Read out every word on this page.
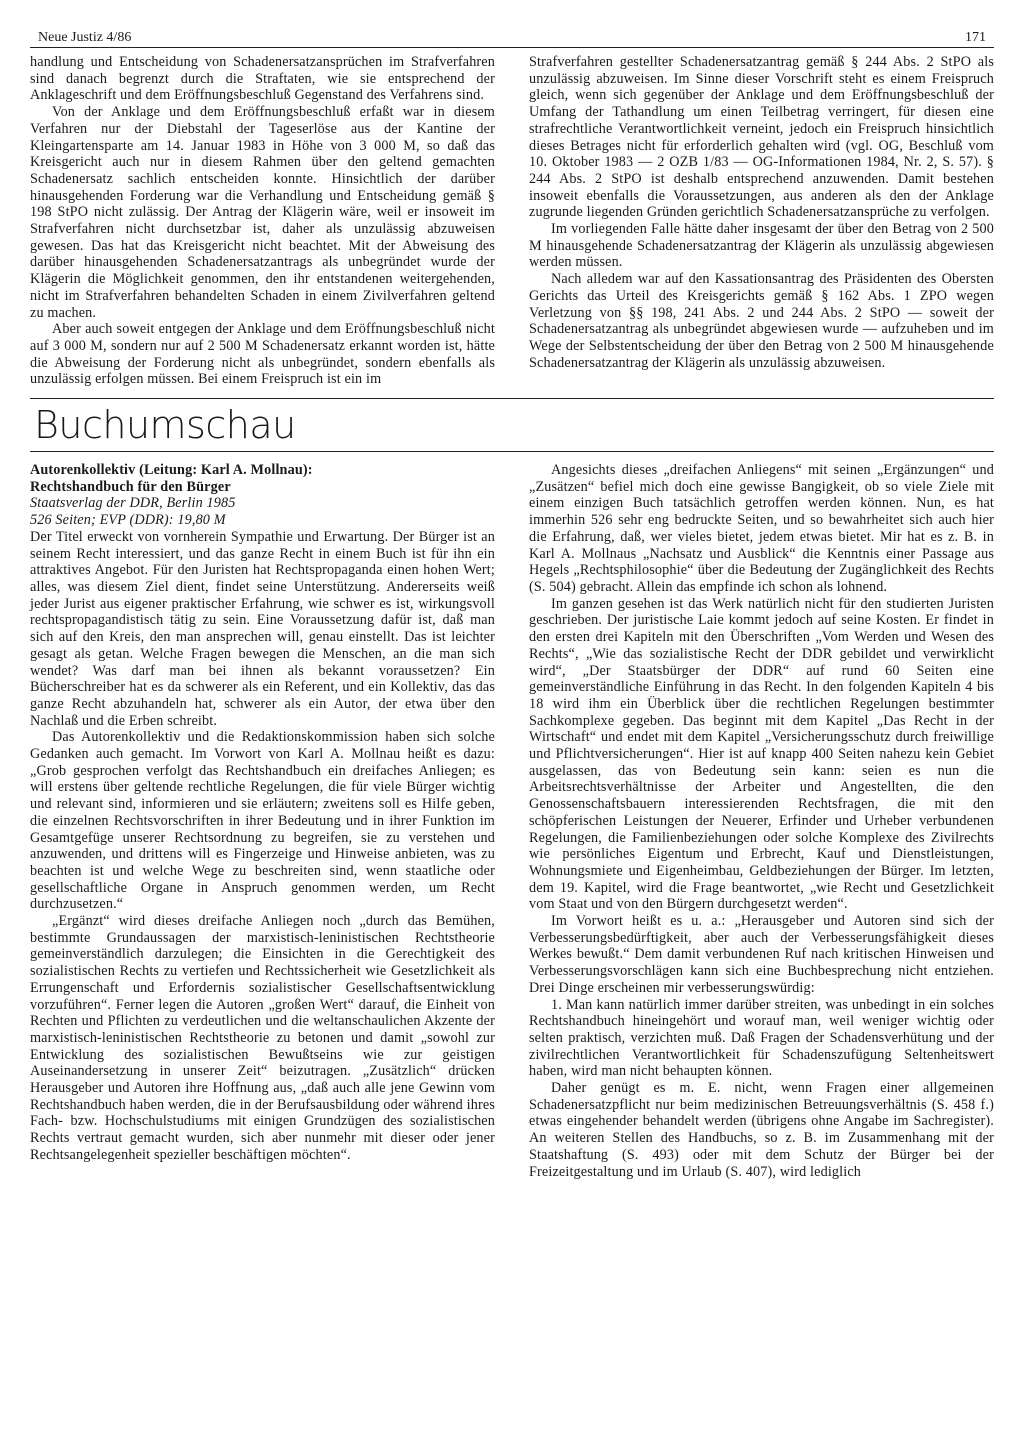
Neue Justiz 4/86	171

handlung und Entscheidung von Schadenersatzansprüchen im Strafverfahren sind danach begrenzt durch die Straftaten, wie sie entsprechend der Anklageschrift und dem Eröffnungsbeschluß Gegenstand des Verfahrens sind.

Von der Anklage und dem Eröffnungsbeschluß erfaßt war in diesem Verfahren nur der Diebstahl der Tageserlöse aus der Kantine der Kleingartensparte am 14. Januar 1983 in Höhe von 3 000 M, so daß das Kreisgericht auch nur in diesem Rahmen über den geltend gemachten Schadenersatz sachlich entscheiden konnte. Hinsichtlich der darüber hinausgehenden Forderung war die Verhandlung und Entscheidung gemäß § 198 StPO nicht zulässig. Der Antrag der Klägerin wäre, weil er insoweit im Strafverfahren nicht durchsetzbar ist, daher als unzulässig abzuweisen gewesen. Das hat das Kreisgericht nicht beachtet. Mit der Abweisung des darüber hinausgehenden Schadenersatzantrags als unbegründet wurde der Klägerin die Möglichkeit genommen, den ihr entstandenen weitergehenden, nicht im Strafverfahren behandelten Schaden in einem Zivilverfahren geltend zu machen.

Aber auch soweit entgegen der Anklage und dem Eröffnungsbeschluß nicht auf 3 000 M, sondern nur auf 2 500 M Schadenersatz erkannt worden ist, hätte die Abweisung der Forderung nicht als unbegründet, sondern ebenfalls als unzulässig erfolgen müssen. Bei einem Freispruch ist ein im

Strafverfahren gestellter Schadenersatzantrag gemäß § 244 Abs. 2 StPO als unzulässig abzuweisen. Im Sinne dieser Vorschrift steht es einem Freispruch gleich, wenn sich gegenüber der Anklage und dem Eröffnungsbeschluß der Umfang der Tathandlung um einen Teilbetrag verringert, für diesen eine strafrechtliche Verantwortlichkeit verneint, jedoch ein Freispruch hinsichtlich dieses Betrages nicht für erforderlich gehalten wird (vgl. OG, Beschluß vom 10. Oktober 1983 — 2 OZB 1/83 — OG-Informationen 1984, Nr. 2, S. 57). § 244 Abs. 2 StPO ist deshalb entsprechend anzuwenden. Damit bestehen insoweit ebenfalls die Voraussetzungen, aus anderen als den der Anklage zugrunde liegenden Gründen gerichtlich Schadenersatzansprüche zu verfolgen.

Im vorliegenden Falle hätte daher insgesamt der über den Betrag von 2 500 M hinausgehende Schadenersatzantrag der Klägerin als unzulässig abgewiesen werden müssen.

Nach alledem war auf den Kassationsantrag des Präsidenten des Obersten Gerichts das Urteil des Kreisgerichts gemäß § 162 Abs. 1 ZPO wegen Verletzung von §§ 198, 241 Abs. 2 und 244 Abs. 2 StPO — soweit der Schadenersatzantrag als unbegründet abgewiesen wurde — aufzuheben und im Wege der Selbstentscheidung der über den Betrag von 2 500 M hinausgehende Schadenersatzantrag der Klägerin als unzulässig abzuweisen.

Buchumschau

Autorenkollektiv (Leitung: Karl A. Mollnau):

Rechtshandbuch für den Bürger

Staatsverlag der DDR, Berlin 1985

526 Seiten; EVP (DDR): 19,80 M

Der Titel erweckt von vornherein Sympathie und Erwartung. Der Bürger ist an seinem Recht interessiert, und das ganze Recht in einem Buch ist für ihn ein attraktives Angebot. Für den Juristen hat Rechtspropaganda einen hohen Wert; alles, was diesem Ziel dient, findet seine Unterstützung. Andererseits weiß jeder Jurist aus eigener praktischer Erfahrung, wie schwer es ist, wirkungsvoll rechtspropagandistisch tätig zu sein. Eine Voraussetzung dafür ist, daß man sich auf den Kreis, den man ansprechen will, genau einstellt. Das ist leichter gesagt als getan. Welche Fragen bewegen die Menschen, an die man sich wendet? Was darf man bei ihnen als bekannt voraussetzen? Ein Bücherschreiber hat es da schwerer als ein Referent, und ein Kollektiv, das das ganze Recht abzuhandeln hat, schwerer als ein Autor, der etwa über den Nachlaß und die Erben schreibt.

Das Autorenkollektiv und die Redaktionskommission haben sich solche Gedanken auch gemacht. Im Vorwort von Karl A. Mollnau heißt es dazu: „Grob gesprochen verfolgt das Rechtshandbuch ein dreifaches Anliegen; es will erstens über geltende rechtliche Regelungen, die für viele Bürger wichtig und relevant sind, informieren und sie erläutern; zweitens soll es Hilfe geben, die einzelnen Rechtsvorschriften in ihrer Bedeutung und in ihrer Funktion im Gesamtgefüge unserer Rechtsordnung zu begreifen, sie zu verstehen und anzuwenden, und drittens will es Fingerzeige und Hinweise anbieten, was zu beachten ist und welche Wege zu beschreiten sind, wenn staatliche oder gesellschaftliche Organe in Anspruch genommen werden, um Recht durchzusetzen.“

„Ergänzt“ wird dieses dreifache Anliegen noch „durch das Bemühen, bestimmte Grundaussagen der marxistisch-leninistischen Rechtstheorie gemeinverständlich darzulegen; die Einsichten in die Gerechtigkeit des sozialistischen Rechts zu vertiefen und Rechtssicherheit wie Gesetzlichkeit als Errungenschaft und Erfordernis sozialistischer Gesellschaftsentwicklung vorzuführen“. Ferner legen die Autoren „großen Wert“ darauf, die Einheit von Rechten und Pflichten zu verdeutlichen und die weltanschaulichen Akzente der marxistisch-leninistischen Rechtstheorie zu betonen und damit „sowohl zur Entwicklung des sozialistischen Bewußtseins wie zur geistigen Auseinandersetzung in unserer Zeit“ beizutragen. „Zusätzlich“ drücken Herausgeber und Autoren ihre Hoffnung aus, „daß auch alle jene Gewinn vom Rechtshandbuch haben werden, die in der Berufsausbildung oder während ihres Fach- bzw. Hochschulstudiums mit einigen Grundzügen des sozialistischen Rechts vertraut gemacht wurden, sich aber nunmehr mit dieser oder jener Rechtsangelegenheit spezieller beschäftigen möchten“.

Angesichts dieses „dreifachen Anliegens“ mit seinen „Ergänzungen“ und „Zusätzen“ befiel mich doch eine gewisse Bangigkeit, ob so viele Ziele mit einem einzigen Buch tatsächlich getroffen werden können. Nun, es hat immerhin 526 sehr eng bedruckte Seiten, und so bewahrheitet sich auch hier die Erfahrung, daß, wer vieles bietet, jedem etwas bietet. Mir hat es z. B. in Karl A. Mollnaus „Nachsatz und Ausblick“ die Kenntnis einer Passage aus Hegels „Rechtsphilosophie“ über die Bedeutung der Zugänglichkeit des Rechts (S. 504) gebracht. Allein das empfinde ich schon als lohnend.

Im ganzen gesehen ist das Werk natürlich nicht für den studierten Juristen geschrieben. Der juristische Laie kommt jedoch auf seine Kosten. Er findet in den ersten drei Kapiteln mit den Überschriften „Vom Werden und Wesen des Rechts“, „Wie das sozialistische Recht der DDR gebildet und verwirklicht wird“, „Der Staatsbürger der DDR“ auf rund 60 Seiten eine gemeinverständliche Einführung in das Recht. In den folgenden Kapiteln 4 bis 18 wird ihm ein Überblick über die rechtlichen Regelungen bestimmter Sachkomplexe gegeben. Das beginnt mit dem Kapitel „Das Recht in der Wirtschaft“ und endet mit dem Kapitel „Versicherungsschutz durch freiwillige und Pflichtversicherungen“. Hier ist auf knapp 400 Seiten nahezu kein Gebiet ausgelassen, das von Bedeutung sein kann: seien es nun die Arbeitsrechtsverhältnisse der Arbeiter und Angestellten, die den Genossenschaftsbauern interessierenden Rechtsfragen, die mit den schöpferischen Leistungen der Neuerer, Erfinder und Urheber verbundenen Regelungen, die Familienbeziehungen oder solche Komplexe des Zivilrechts wie persönliches Eigentum und Erbrecht, Kauf und Dienstleistungen, Wohnungsmiete und Eigenheimbau, Geldbeziehungen der Bürger. Im letzten, dem 19. Kapitel, wird die Frage beantwortet, „wie Recht und Gesetzlichkeit vom Staat und von den Bürgern durchgesetzt werden“.

Im Vorwort heißt es u. a.: „Herausgeber und Autoren sind sich der Verbesserungsbedürftigkeit, aber auch der Verbesserungsfähigkeit dieses Werkes bewußt.“ Dem damit verbundenen Ruf nach kritischen Hinweisen und Verbesserungsvorschlägen kann sich eine Buchbesprechung nicht entziehen. Drei Dinge erscheinen mir verbesserungswürdig:

1. Man kann natürlich immer darüber streiten, was unbedingt in ein solches Rechtshandbuch hineingehört und worauf man, weil weniger wichtig oder selten praktisch, verzichten muß. Daß Fragen der Schadensverhütung und der zivilrechtlichen Verantwortlichkeit für Schadenszufügung Seltenheitswert haben, wird man nicht behaupten können.

Daher genügt es m. E. nicht, wenn Fragen einer allgemeinen Schadenersatzpflicht nur beim medizinischen Betreuungsverhältnis (S. 458 f.) etwas eingehender behandelt werden (übrigens ohne Angabe im Sachregister). An weiteren Stellen des Handbuchs, so z. B. im Zusammenhang mit der Staatshaftung (S. 493) oder mit dem Schutz der Bürger bei der Freizeitgestaltung und im Urlaub (S. 407), wird lediglich
